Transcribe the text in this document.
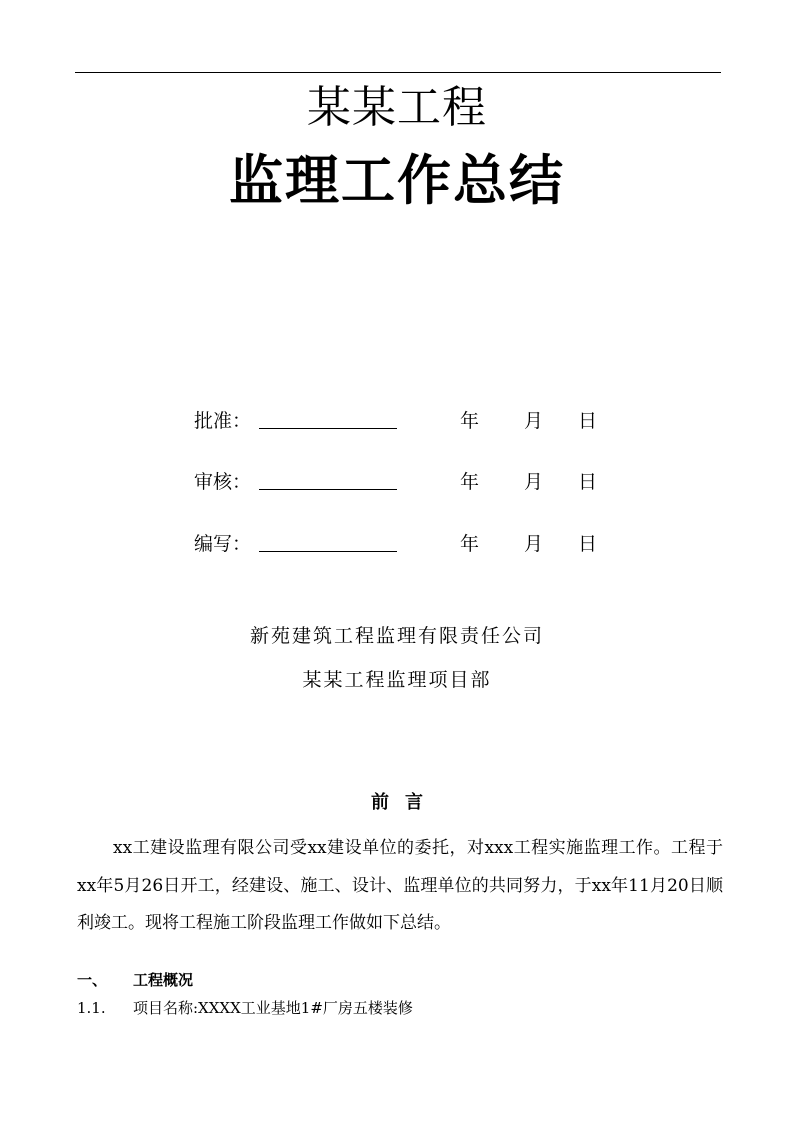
某某工程
监理工作总结
批准：	年 月 日
审核：	年 月 日
编写：	年 月 日
新苑建筑工程监理有限责任公司
某某工程监理项目部
前言

xx工建设监理有限公司受xx建设单位的委托，对xxx工程实施监理工作。工程于xx年5月26日开工，经建设、施工、设计、监理单位的共同努力，于xx年11月20日顺利竣工。现将工程施工阶段监理工作做如下总结。

一、 工程概况
1.1. 项目名称:XXXX工业基地1#厂房五楼装修
